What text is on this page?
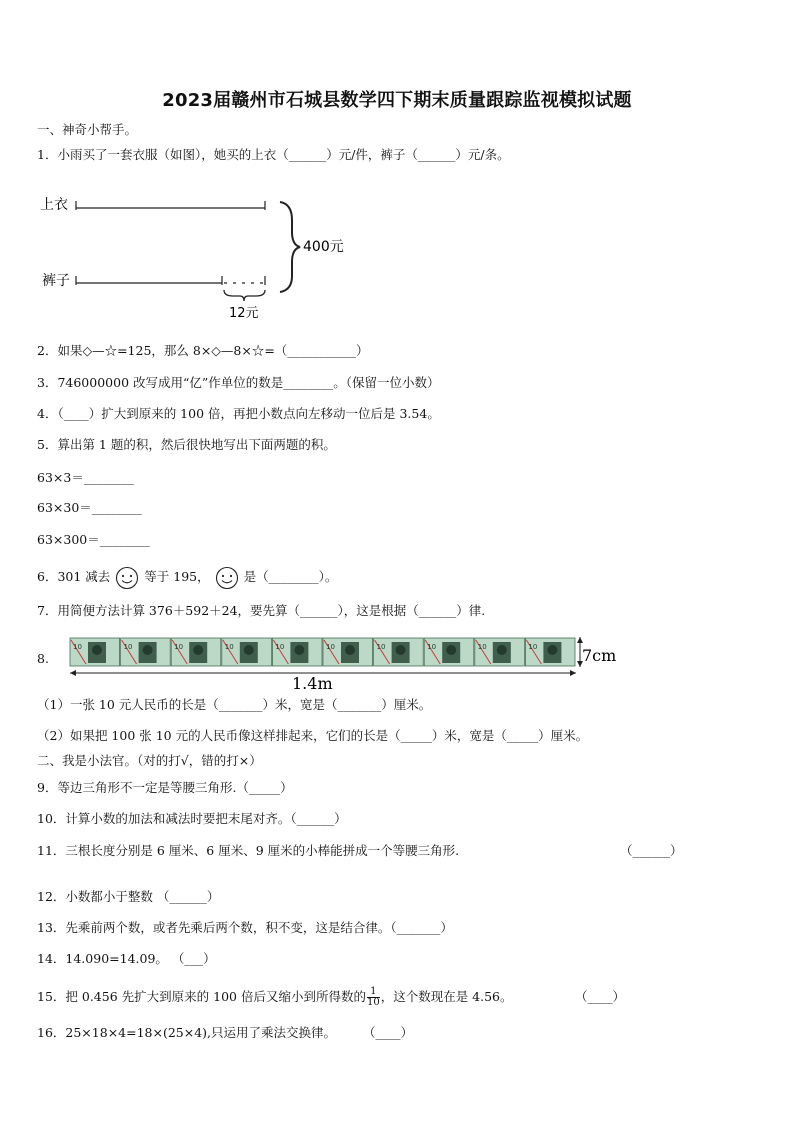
2023届赣州市石城县数学四下期末质量跟踪监视模拟试题
一、神奇小帮手。
1．小雨买了一套衣服（如图），她买的上衣（______）元/件，裤子（______）元/条。
上衣
裤子
12元
400元
2．如果◇—☆=125，那么 8×◇—8×☆=（___________）
3．746000000 改写成用“亿”作单位的数是________。（保留一位小数）
4．（____）扩大到原来的 100 倍，再把小数点向左移动一位后是 3.54。
5．算出第 1 题的积，然后很快地写出下面两题的积。
63×3＝________
63×30＝________
63×300＝________
6．301 减去	等于 195，	是（________）。
7．用简便方法计算 376＋592＋24，要先算（______），这是根据（______）律.
8.
10	10	10	10	10	10	10	10	10	10	7cm
1.4m
（1）一张 10 元人民币的长是（_______）米，宽是（_______）厘米。
（2）如果把 100 张 10 元的人民币像这样排起来，它们的长是（_____）米，宽是（_____）厘米。
二、我是小法官。（对的打√，错的打×）
9．等边三角形不一定是等腰三角形.（_____）
10．计算小数的加法和减法时要把末尾对齐。（______）
11．三根长度分别是 6 厘米、6 厘米、9 厘米的小棒能拼成一个等腰三角形.	（______）
12．小数都小于整数 （______）
13．先乘前两个数，或者先乘后两个数，积不变，这是结合律。（_______）
14．14.090=14.09。 （___）
15．把 0.456 先扩大到原来的 100 倍后又缩小到所得数的 $\frac{1}{10}$ ，这个数现在是 4.56。	（____）
16．25×18×4=18×(25×4),只运用了乘法交换律。 （____）
